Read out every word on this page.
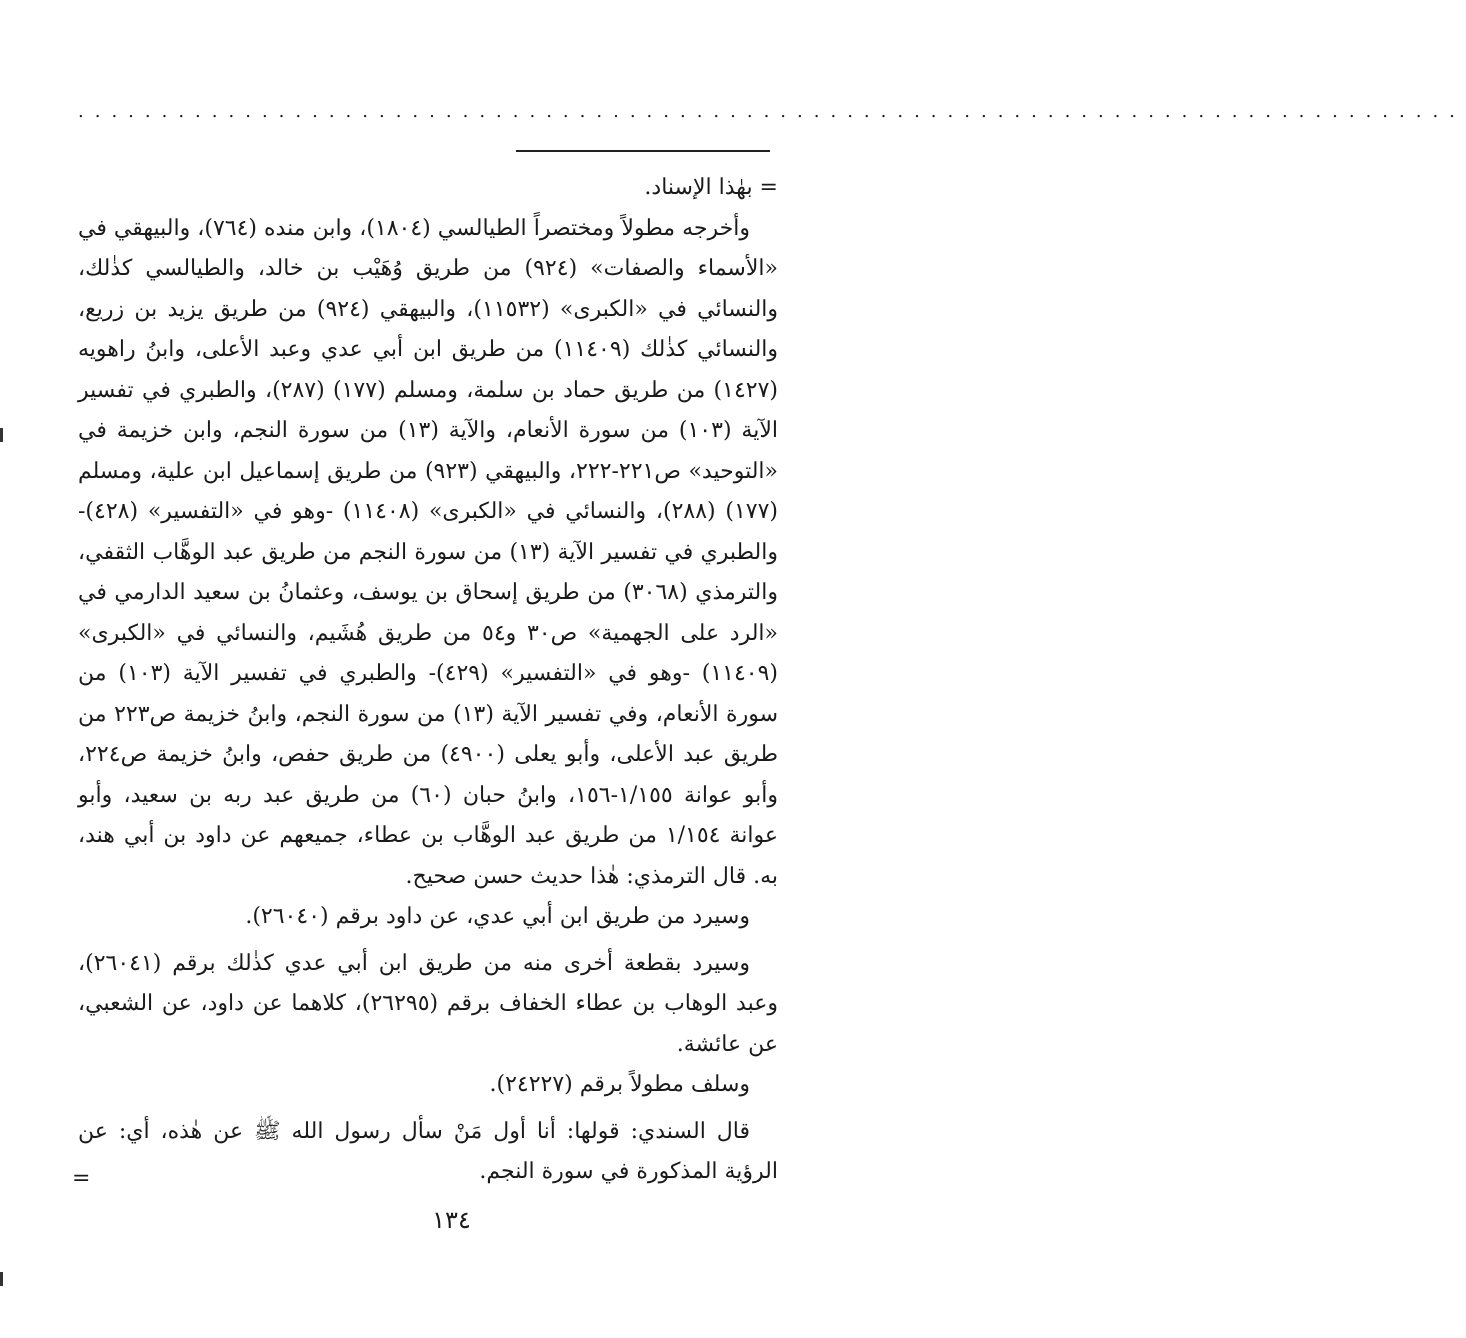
...................................................................................

= بهٰذا الإسناد.

وأخرجه مطولاً ومختصراً الطيالسي (١٨٠٤)، وابن منده (٧٦٤)، والبيهقي في «الأسماء والصفات» (٩٢٤) من طريق وُهَيْب بن خالد، والطيالسي كذٰلك، والنسائي في «الكبرى» (١١٥٣٢)، والبيهقي (٩٢٤) من طريق يزيد بن زريع، والنسائي كذٰلك (١١٤٠٩) من طريق ابن أبي عدي وعبد الأعلى، وابنُ راهويه (١٤٢٧) من طريق حماد بن سلمة، ومسلم (١٧٧) (٢٨٧)، والطبري في تفسير الآية (١٠٣) من سورة الأنعام، والآية (١٣) من سورة النجم، وابن خزيمة في «التوحيد» ص٢٢١-٢٢٢، والبيهقي (٩٢٣) من طريق إسماعيل ابن علية، ومسلم (١٧٧) (٢٨٨)، والنسائي في «الكبرى» (١١٤٠٨) -وهو في «التفسير» (٤٢٨)- والطبري في تفسير الآية (١٣) من سورة النجم من طريق عبد الوهَّاب الثقفي، والترمذي (٣٠٦٨) من طريق إسحاق بن يوسف، وعثمانُ بن سعيد الدارمي في «الرد على الجهمية» ص٣٠ و٥٤ من طريق هُشَيم، والنسائي في «الكبرى» (١١٤٠٩) -وهو في «التفسير» (٤٢٩)- والطبري في تفسير الآية (١٠٣) من سورة الأنعام، وفي تفسير الآية (١٣) من سورة النجم، وابنُ خزيمة ص٢٢٣ من طريق عبد الأعلى، وأبو يعلى (٤٩٠٠) من طريق حفص، وابنُ خزيمة ص٢٢٤، وأبو عوانة ١/١٥٥-١٥٦، وابنُ حبان (٦٠) من طريق عبد ربه بن سعيد، وأبو عوانة ١/١٥٤ من طريق عبد الوهَّاب بن عطاء، جميعهم عن داود بن أبي هند، به. قال الترمذي: هٰذا حديث حسن صحيح.

وسيرد من طريق ابن أبي عدي، عن داود برقم (٢٦٠٤٠).

وسيرد بقطعة أخرى منه من طريق ابن أبي عدي كذٰلك برقم (٢٦٠٤١)، وعبد الوهاب بن عطاء الخفاف برقم (٢٦٢٩٥)، كلاهما عن داود، عن الشعبي، عن عائشة.

وسلف مطولاً برقم (٢٤٢٢٧).

قال السندي: قولها: أنا أول مَنْ سأل رسول الله ﷺ عن هٰذه، أي: عن الرؤية المذكورة في سورة النجم.

=
١٣٤
